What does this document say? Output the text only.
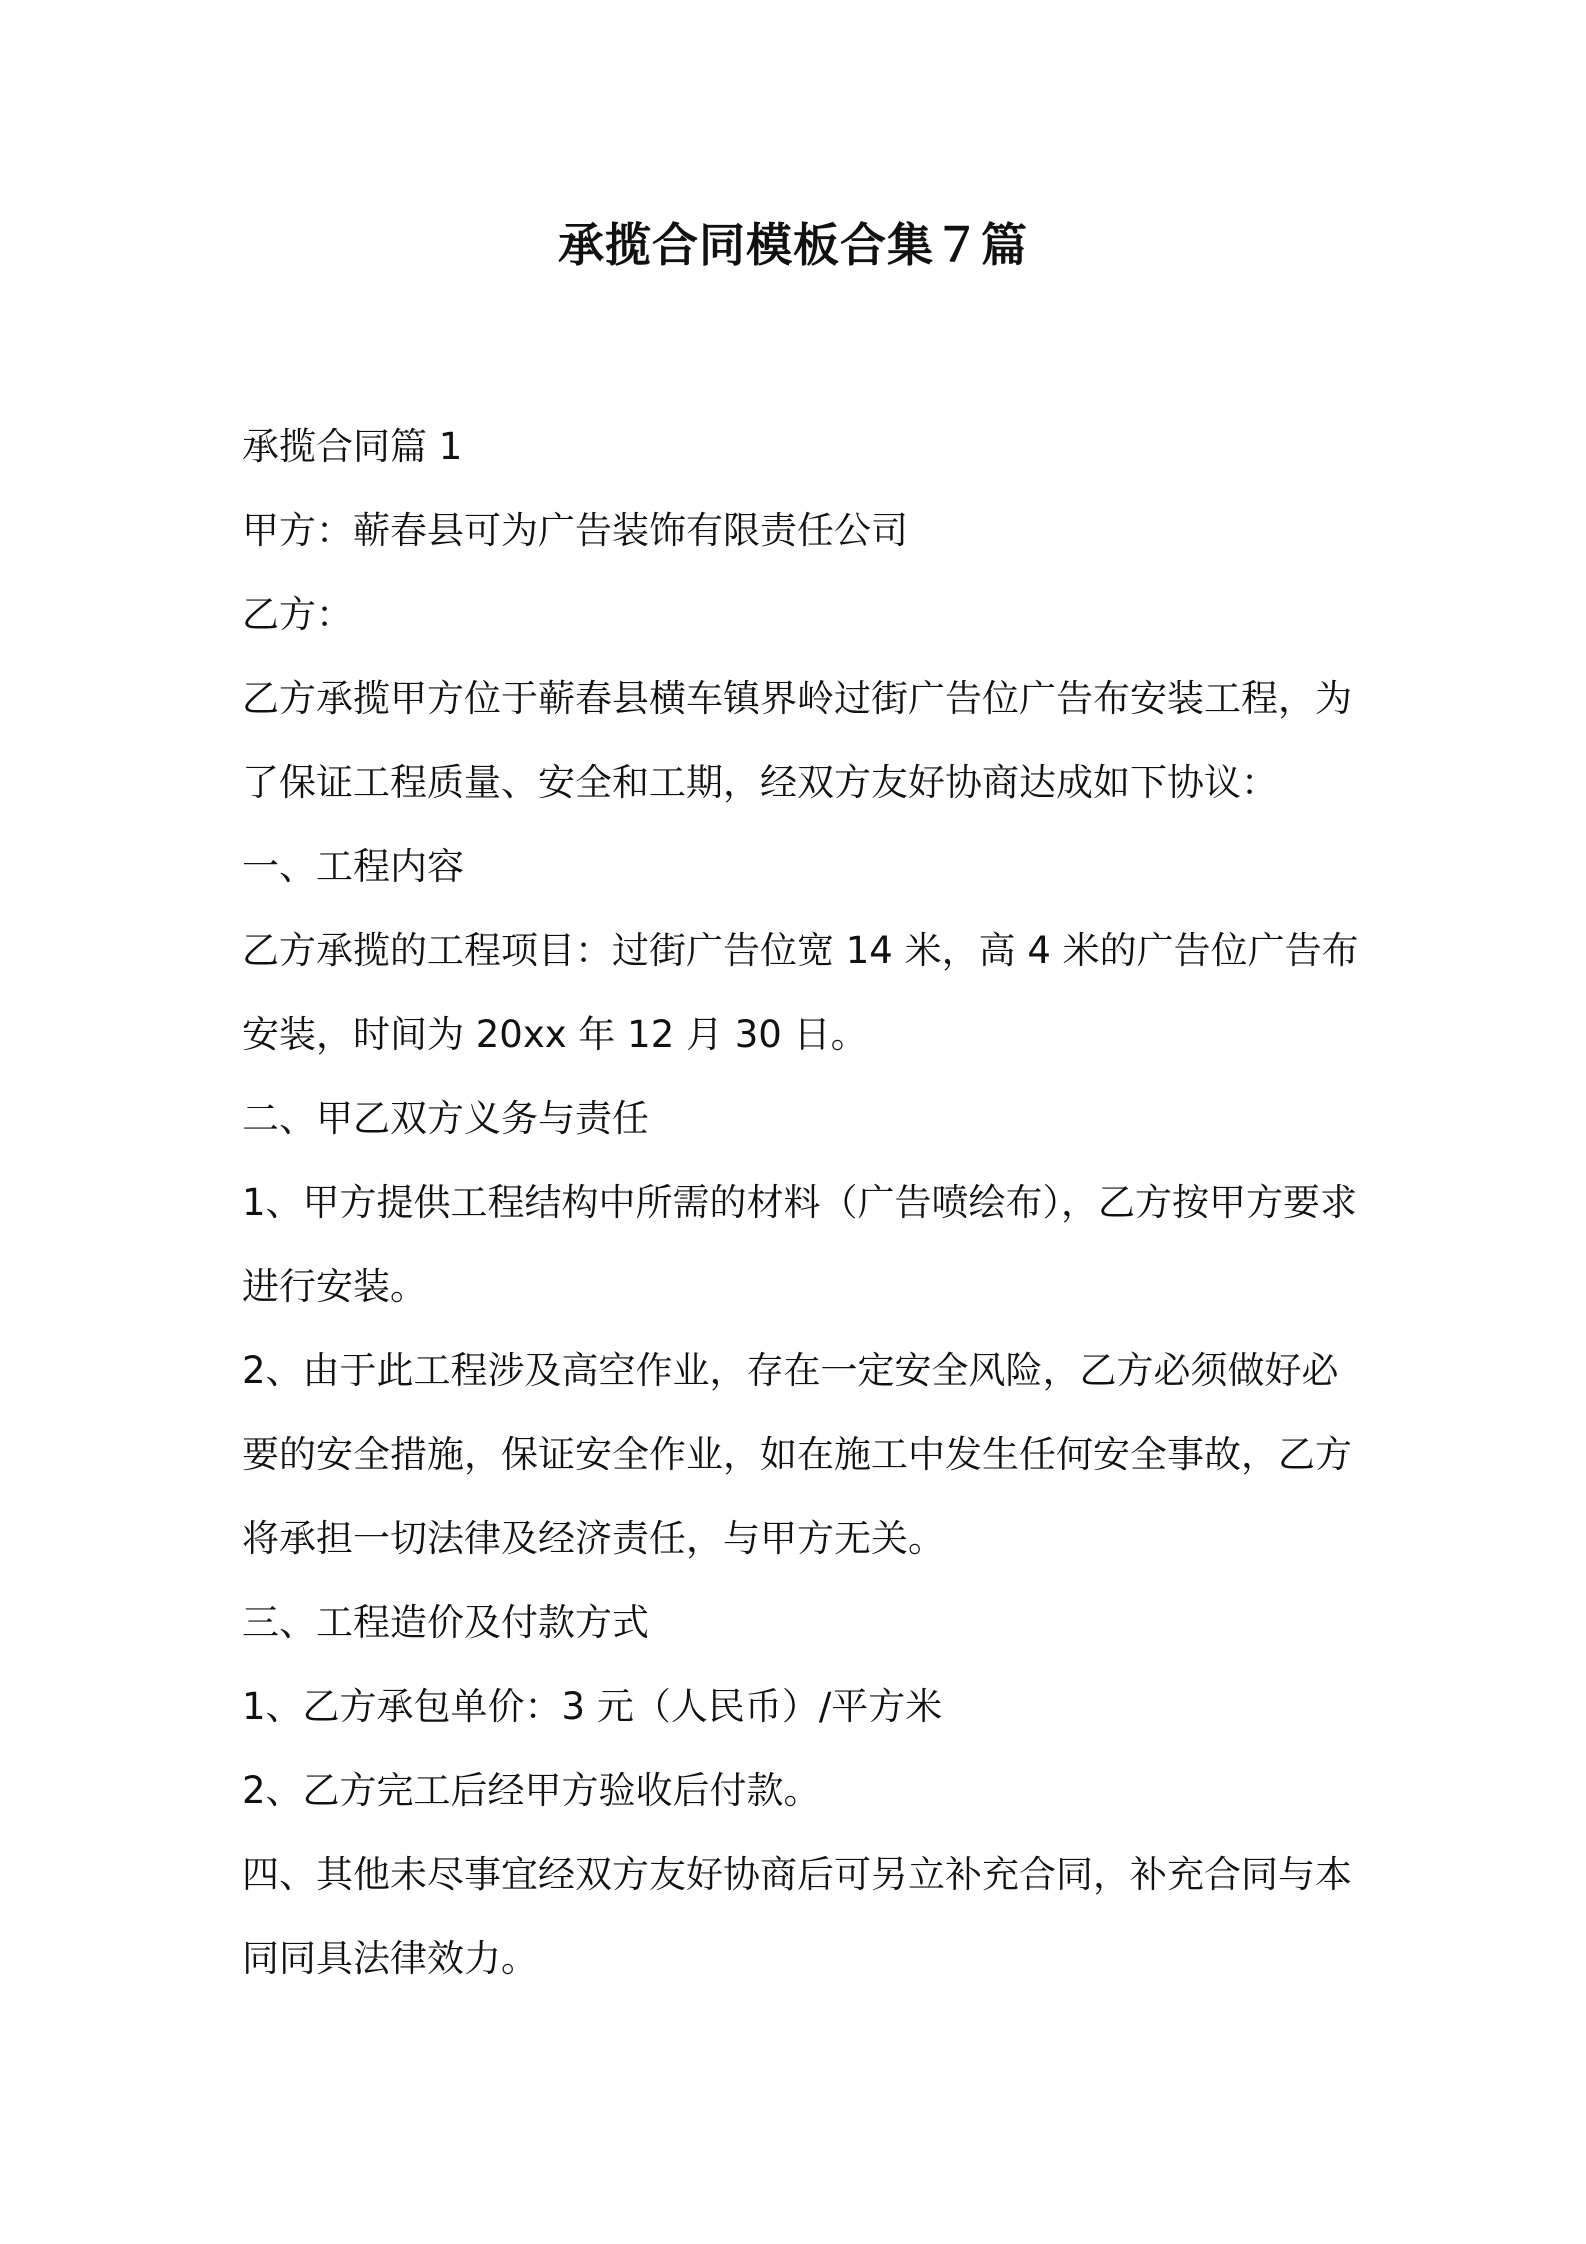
承揽合同模板合集７篇
承揽合同篇 1
甲方：蕲春县可为广告装饰有限责任公司
乙方：
乙方承揽甲方位于蕲春县横车镇界岭过街广告位广告布安装工程，为
了保证工程质量、安全和工期，经双方友好协商达成如下协议：
一、工程内容
乙方承揽的工程项目：过街广告位宽 14 米，高 4 米的广告位广告布
安装，时间为 20xx 年 12 月 30 日。
二、甲乙双方义务与责任
1、甲方提供工程结构中所需的材料（广告喷绘布），乙方按甲方要求
进行安装。
2、由于此工程涉及高空作业，存在一定安全风险，乙方必须做好必
要的安全措施，保证安全作业，如在施工中发生任何安全事故，乙方
将承担一切法律及经济责任，与甲方无关。
三、工程造价及付款方式
1、乙方承包单价：3 元（人民币）/平方米
2、乙方完工后经甲方验收后付款。
四、其他未尽事宜经双方友好协商后可另立补充合同，补充合同与本
同同具法律效力。
